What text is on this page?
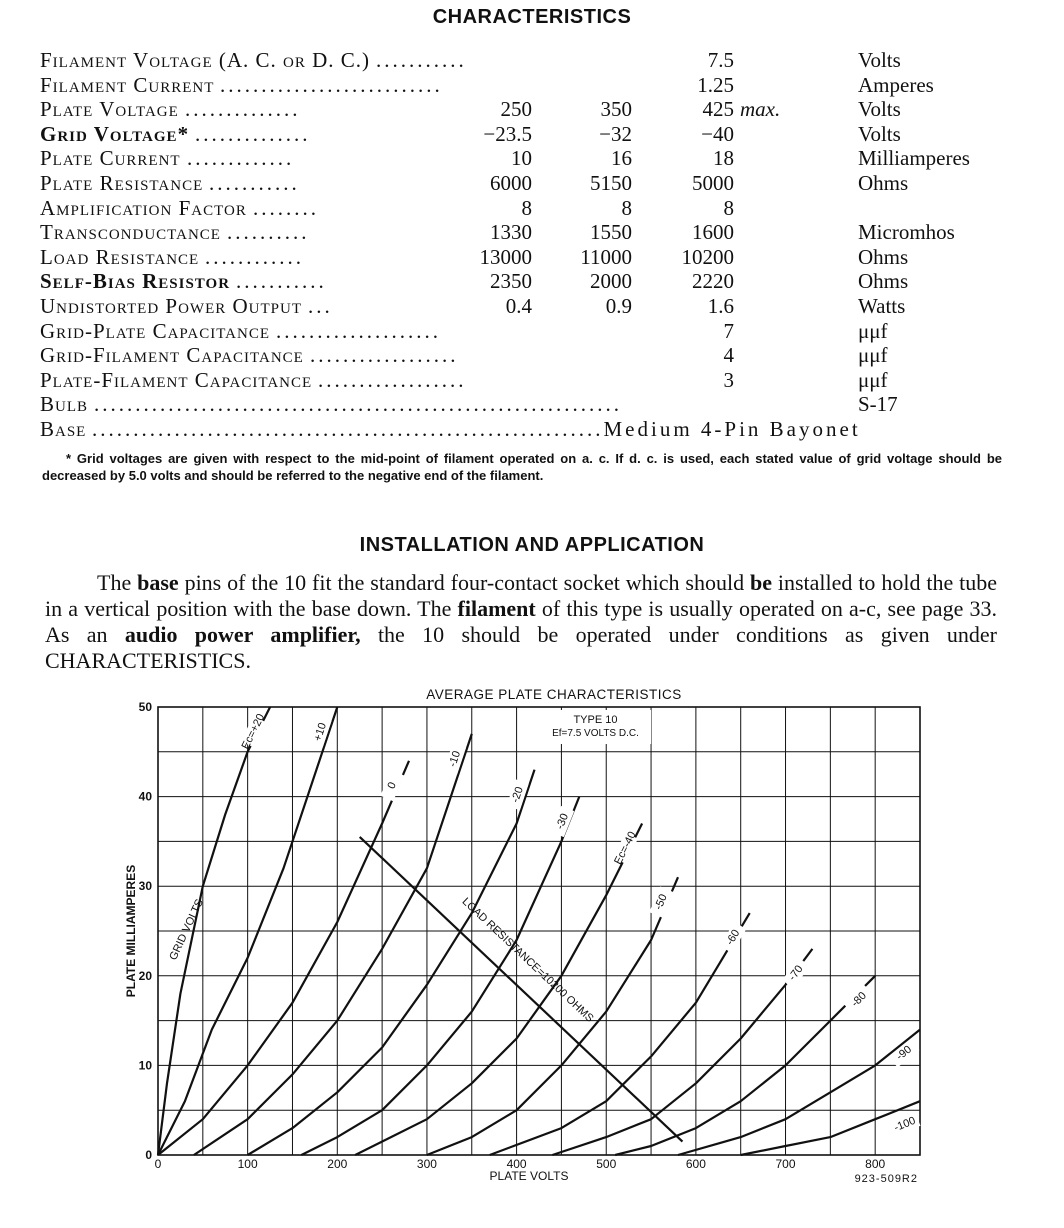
CHARACTERISTICS
Filament Voltage (A. C. or D. C.) ...........	7.5	Volts
Filament Current ...........................	1.25	Amperes
Plate Voltage ..............	250	350	425 max.	Volts
Grid Voltage* ..............	−23.5	−32	−40	Volts
Plate Current .............	10	16	18	Milliamperes
Plate Resistance ...........	6000	5150	5000	Ohms
Amplification Factor ........	8	8	8
Transconductance ..........	1330	1550	1600	Micromhos
Load Resistance ............	13000	11000	10200	Ohms
Self-Bias Resistor ...........	2350	2000	2220	Ohms
Undistorted Power Output ...	0.4	0.9	1.6	Watts
Grid-Plate Capacitance ....................	7	μμf
Grid-Filament Capacitance ..................	4	μμf
Plate-Filament Capacitance ..................	3	μμf
Bulb ................................................................	S-17
Base ..............................................................Medium 4-Pin Bayonet
* Grid voltages are given with respect to the mid-point of filament operated on a. c. If d. c. is used, each stated value of grid voltage should be decreased by 5.0 volts and should be referred to the negative end of the filament.
INSTALLATION AND APPLICATION
The base pins of the 10 fit the standard four-contact socket which should be installed to hold the tube in a vertical position with the base down. The filament of this type is usually operated on a-c, see page 33. As an audio power amplifier, the 10 should be operated under conditions as given under CHARACTERISTICS.
0	100	200	300	400	500	600	700	800
0
10
20
30
40
50
AVERAGE PLATE CHARACTERISTICS
TYPE 10
Ef=7.5 VOLTS D.C.
PLATE VOLTS
PLATE MILLIAMPERES
923-509R2
Ec=+20	+10
0
-10
-20
-30
Ec=-40
-50
-60
-70
-80
-90
-100
GRID VOLTS	LOAD RESISTANCE=10200 OHMS
